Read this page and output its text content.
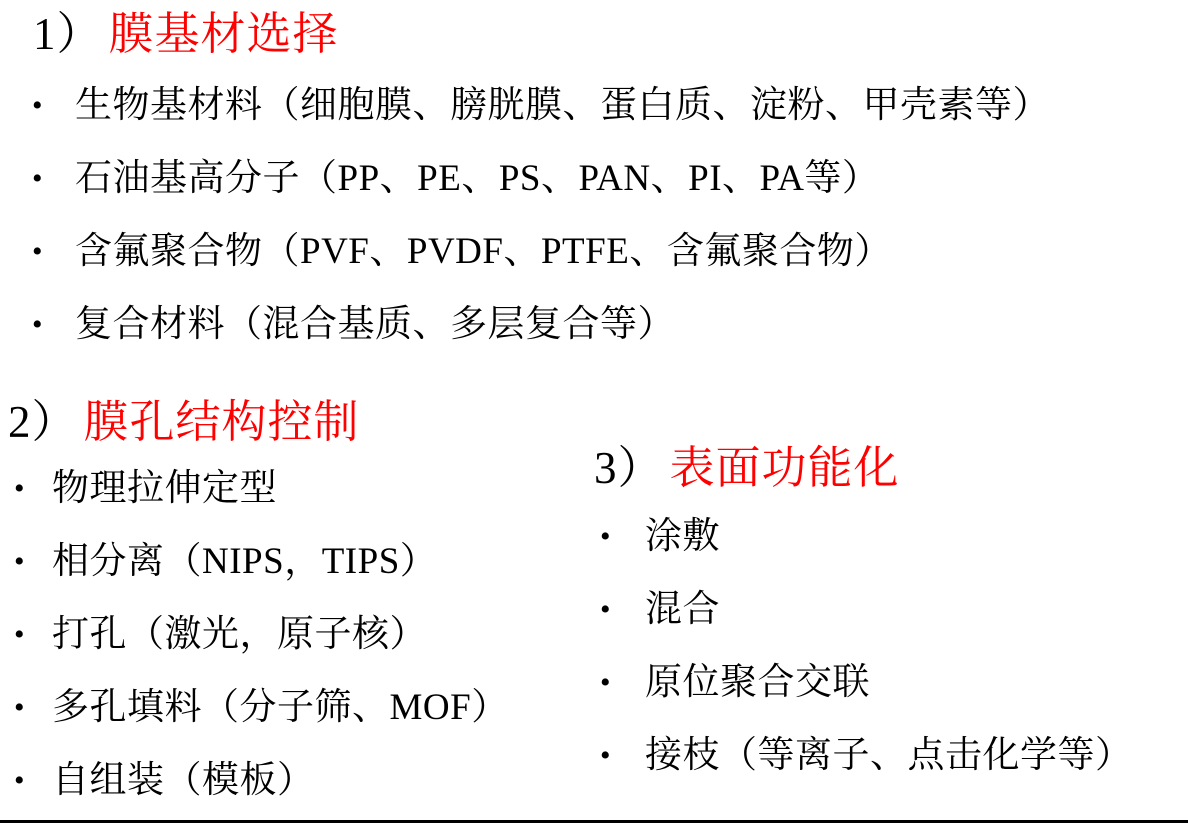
1） 膜基材选择
• 生物基材料（细胞膜、膀胱膜、蛋白质、淀粉、甲壳素等）
• 石油基高分子（PP、PE、PS、PAN、PI、PA等）
• 含氟聚合物（PVF、PVDF、PTFE、含氟聚合物）
• 复合材料（混合基质、多层复合等）
2） 膜孔结构控制
• 物理拉伸定型
• 相分离（NIPS，TIPS）
• 打孔（激光，原子核）
• 多孔填料（分子筛、MOF）
• 自组装（模板）
3） 表面功能化
• 涂敷
• 混合
• 原位聚合交联
• 接枝（等离子、点击化学等）
